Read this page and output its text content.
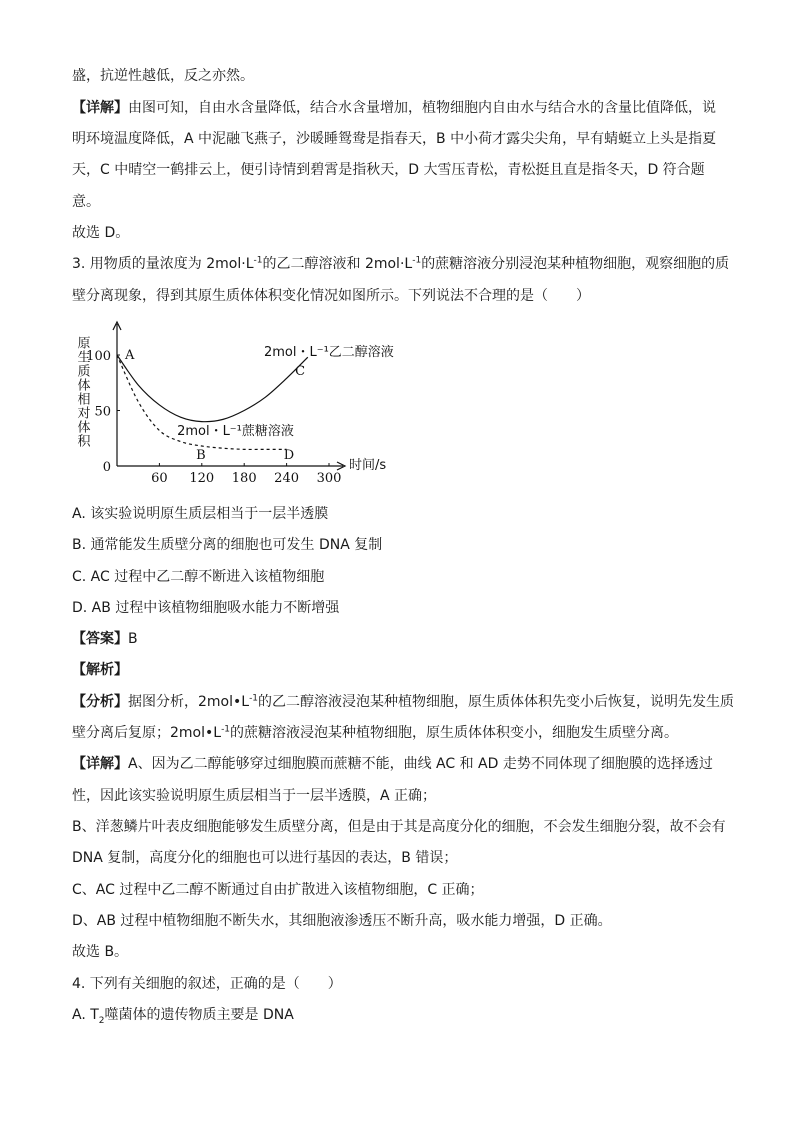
盛，抗逆性越低，反之亦然。
【详解】由图可知，自由水含量降低，结合水含量增加，植物细胞内自由水与结合水的含量比值降低，说
明环境温度降低，A 中泥融飞燕子，沙暖睡鸳鸯是指春天，B 中小荷才露尖尖角，早有蜻蜓立上头是指夏
天，C 中晴空一鹤排云上，便引诗情到碧霄是指秋天，D 大雪压青松，青松挺且直是指冬天，D 符合题
意。
故选 D。
3. 用物质的量浓度为 $2mol\cdot L^{-1}$的乙二醇溶液和 $2mol\cdot L^{-1}$的蔗糖溶液分别浸泡某种植物细胞，观察细胞的质
壁分离现象，得到其原生质体体积变化情况如图所示。下列说法不合理的是（　　）
60 120 180 240 300
0
50
100
原生质体相对体积
时间/s
2mol・L⁻¹乙二醇溶液
2mol・L⁻¹蔗糖溶液
A
B
C
D
A. 该实验说明原生质层相当于一层半透膜
B. 通常能发生质壁分离的细胞也可发生 DNA 复制
C. AC 过程中乙二醇不断进入该植物细胞
D. AB 过程中该植物细胞吸水能力不断增强
【答案】B
【解析】
【分析】据图分析，$2mol•L^{-1}$的乙二醇溶液浸泡某种植物细胞，原生质体体积先变小后恢复，说明先发生质
壁分离后复原；$2mol•L^{-1}$的蔗糖溶液浸泡某种植物细胞，原生质体体积变小，细胞发生质壁分离。
【详解】A、因为乙二醇能够穿过细胞膜而蔗糖不能，曲线 AC 和 AD 走势不同体现了细胞膜的选择透过
性，因此该实验说明原生质层相当于一层半透膜，A 正确；
B、洋葱鳞片叶表皮细胞能够发生质壁分离，但是由于其是高度分化的细胞，不会发生细胞分裂，故不会有
DNA 复制，高度分化的细胞也可以进行基因的表达，B 错误；
C、AC 过程中乙二醇不断通过自由扩散进入该植物细胞，C 正确；
D、AB 过程中植物细胞不断失水，其细胞液渗透压不断升高，吸水能力增强，D 正确。
故选 B。
4. 下列有关细胞的叙述，正确的是（　　）
A. $T_2$噬菌体的遗传物质主要是 DNA
